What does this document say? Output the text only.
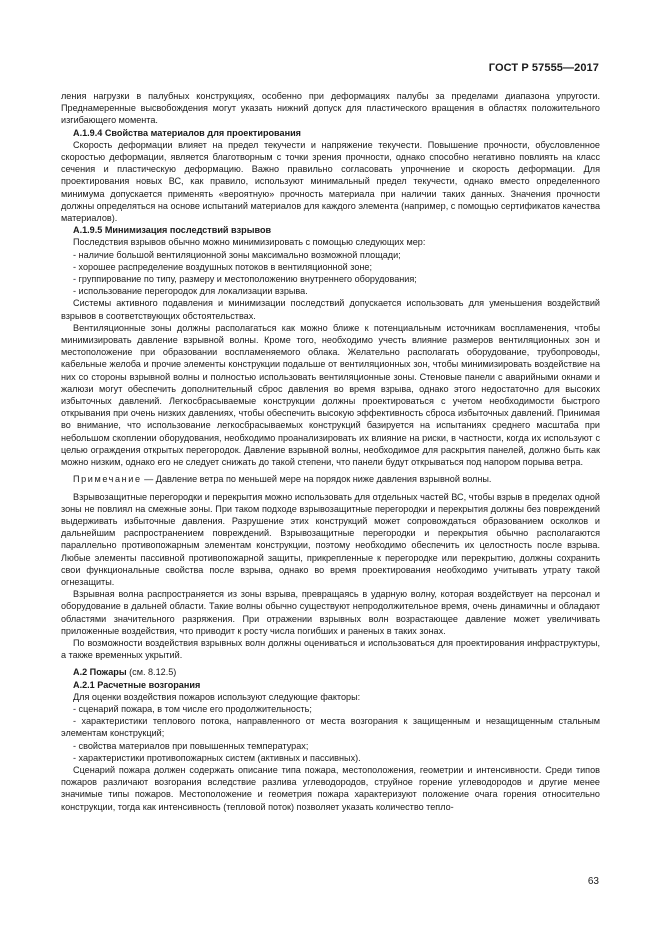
ГОСТ Р 57555—2017

ления нагрузки в палубных конструкциях, особенно при деформациях палубы за пределами диапазона упругости. Преднамеренные высвобождения могут указать нижний допуск для пластического вращения в областях положительного изгибающего момента.

А.1.9.4 Свойства материалов для проектирования

Скорость деформации влияет на предел текучести и напряжение текучести. Повышение прочности, обусловленное скоростью деформации, является благотворным с точки зрения прочности, однако способно негативно повлиять на класс сечения и пластическую деформацию. Важно правильно согласовать упрочнение и скорость деформации. Для проектирования новых ВС, как правило, используют минимальный предел текучести, однако вместо определенного минимума допускается применять «вероятную» прочность материала при наличии таких данных. Значения прочности должны определяться на основе испытаний материалов для каждого элемента (например, с помощью сертификатов качества материалов).

А.1.9.5 Минимизация последствий взрывов

Последствия взрывов обычно можно минимизировать с помощью следующих мер:

- наличие большой вентиляционной зоны максимально возможной площади;

- хорошее распределение воздушных потоков в вентиляционной зоне;

- группирование по типу, размеру и местоположению внутреннего оборудования;

- использование перегородок для локализации взрыва.

Системы активного подавления и минимизации последствий допускается использовать для уменьшения воздействий взрывов в соответствующих обстоятельствах.

Вентиляционные зоны должны располагаться как можно ближе к потенциальным источникам воспламенения, чтобы минимизировать давление взрывной волны. Кроме того, необходимо учесть влияние размеров вентиляционных зон и местоположение при образовании воспламеняемого облака. Желательно располагать оборудование, трубопроводы, кабельные желоба и прочие элементы конструкции подальше от вентиляционных зон, чтобы минимизировать воздействие на них со стороны взрывной волны и полностью использовать вентиляционные зоны. Стеновые панели с аварийными окнами и жалюзи могут обеспечить дополнительный сброс давления во время взрыва, однако этого недостаточно для высоких избыточных давлений. Легкосбрасываемые конструкции должны проектироваться с учетом необходимости быстрого открывания при очень низких давлениях, чтобы обеспечить высокую эффективность сброса избыточных давлений. Принимая во внимание, что использование легкосбрасываемых конструкций базируется на испытаниях среднего масштаба при небольшом скоплении оборудования, необходимо проанализировать их влияние на риски, в частности, когда их используют с целью ограждения открытых перегородок. Давление взрывной волны, необходимое для раскрытия панелей, должно быть как можно низким, однако его не следует снижать до такой степени, что панели будут открываться под напором порыва ветра.

Примечание — Давление ветра по меньшей мере на порядок ниже давления взрывной волны.

Взрывозащитные перегородки и перекрытия можно использовать для отдельных частей ВС, чтобы взрыв в пределах одной зоны не повлиял на смежные зоны. При таком подходе взрывозащитные перегородки и перекрытия должны без повреждений выдерживать избыточные давления. Разрушение этих конструкций может сопровождаться образованием осколков и дальнейшим распространением повреждений. Взрывозащитные перегородки и перекрытия обычно располагаются параллельно противопожарным элементам конструкции, поэтому необходимо обеспечить их целостность после взрыва. Любые элементы пассивной противопожарной защиты, прикрепленные к перегородке или перекрытию, должны сохранить свои функциональные свойства после взрыва, однако во время проектирования необходимо учитывать утрату такой огнезащиты.

Взрывная волна распространяется из зоны взрыва, превращаясь в ударную волну, которая воздействует на персонал и оборудование в дальней области. Такие волны обычно существуют непродолжительное время, очень динамичны и обладают областями значительного разряжения. При отражении взрывных волн возрастающее давление может увеличивать приложенные воздействия, что приводит к росту числа погибших и раненых в таких зонах.

По возможности воздействия взрывных волн должны оцениваться и использоваться для проектирования инфраструктуры, а также временных укрытий.

А.2 Пожары (см. 8.12.5)

А.2.1 Расчетные возгорания

Для оценки воздействия пожаров используют следующие факторы:

- сценарий пожара, в том числе его продолжительность;

- характеристики теплового потока, направленного от места возгорания к защищенным и незащищенным стальным элементам конструкций;

- свойства материалов при повышенных температурах;

- характеристики противопожарных систем (активных и пассивных).

Сценарий пожара должен содержать описание типа пожара, местоположения, геометрии и интенсивности. Среди типов пожаров различают возгорания вследствие разлива углеводородов, струйное горение углеводородов и другие менее значимые типы пожаров. Местоположение и геометрия пожара характеризуют положение очага горения относительно конструкции, тогда как интенсивность (тепловой поток) позволяет указать количество тепло-

63
